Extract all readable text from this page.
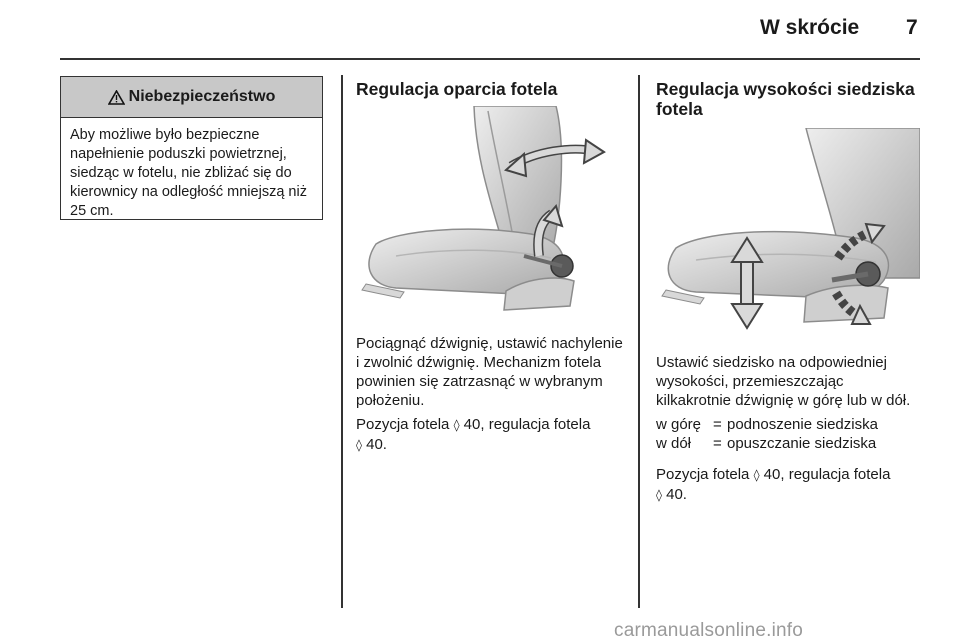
W skrócie 7
Niebezpieczeństwo
Aby możliwe było bezpieczne napełnienie poduszki powietrznej, siedząc w fotelu, nie zbliżać się do kierownicy na odległość mniejszą niż 25 cm.
Regulacja oparcia fotela

Pociągnąć dźwignię, ustawić nachylenie i zwolnić dźwignię. Mechanizm fotela powinien się zatrzasnąć w wybranym położeniu.

Pozycja fotela ◊ 40, regulacja fotela
◊ 40.

Regulacja wysokości siedziska fotela

Ustawić siedzisko na odpowiedniej wysokości, przemieszczając kilkakrotnie dźwignię w górę lub w dół.

w górę = podnoszenie siedziska
w dół	= opuszczanie siedziska

Pozycja fotela ◊ 40, regulacja fotela
◊ 40.

carmanualsonline.info
